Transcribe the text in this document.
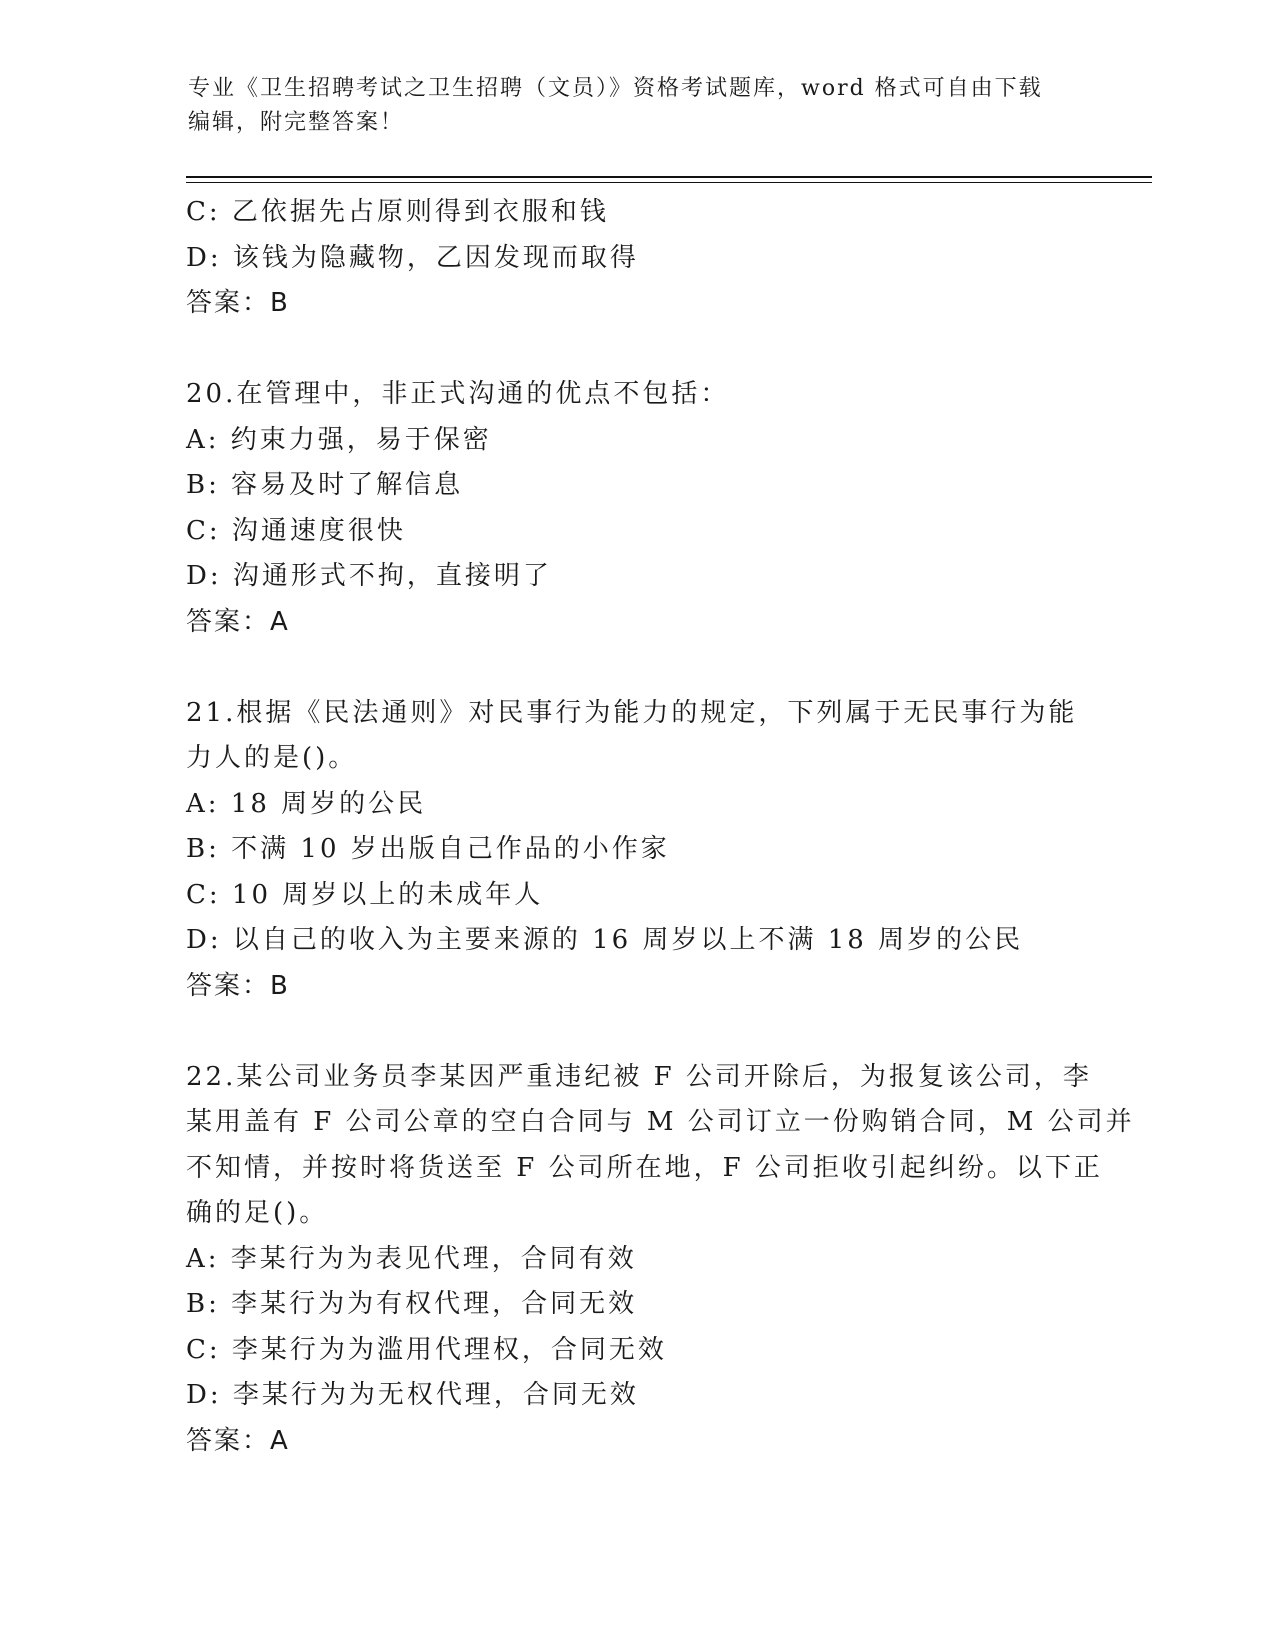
专业《卫生招聘考试之卫生招聘（文员）》资格考试题库，word 格式可自由下载
编辑，附完整答案！
C: 乙依据先占原则得到衣服和钱
D: 该钱为隐藏物，乙因发现而取得
答案：B
20.在管理中，非正式沟通的优点不包括：
A: 约束力强，易于保密
B: 容易及时了解信息
C: 沟通速度很快
D: 沟通形式不拘，直接明了
答案：A
21.根据《民法通则》对民事行为能力的规定，下列属于无民事行为能
力人的是()。
A: 18 周岁的公民
B: 不满 10 岁出版自己作品的小作家
C: 10 周岁以上的未成年人
D: 以自己的收入为主要来源的 16 周岁以上不满 18 周岁的公民
答案：B
22.某公司业务员李某因严重违纪被 F 公司开除后，为报复该公司，李
某用盖有 F 公司公章的空白合同与 M 公司订立一份购销合同，M 公司并
不知情，并按时将货送至 F 公司所在地，F 公司拒收引起纠纷。以下正
确的足()。
A: 李某行为为表见代理，合同有效
B: 李某行为为有权代理，合同无效
C: 李某行为为滥用代理权，合同无效
D: 李某行为为无权代理，合同无效
答案：A
